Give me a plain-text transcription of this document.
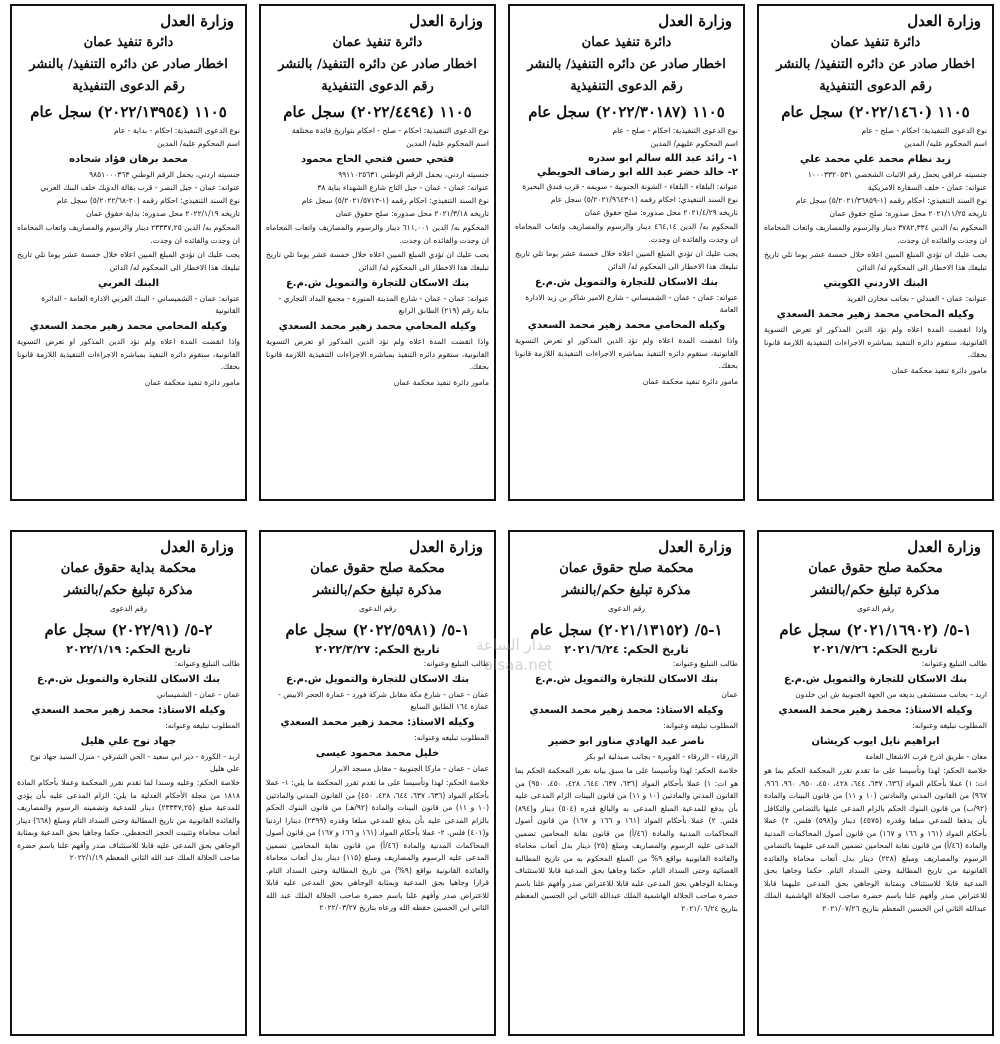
وزارة العدل
دائرة تنفيذ عمان
اخطار صادر عن دائره التنفيذ/ بالنشر
رقم الدعوى التنفيذية
١١٠٥ (٢٠٢٢/١٤٦٠) سجل عام
نوع الدعوى التنفيذية: احكام - صلح - عام
اسم المحكوم عليه/ المدين
زيد نظام محمد علي محمد علي
جنسيته عراقي يحمل رقم الاثبات الشخصي ١٠٠٠٣٣٢٠٥٣١
عنوانه: عمان - خلف السفارة الامريكية
نوع السند التنفيذي: احكام رقمه (١-٥/٢٠٢١/٣٦٨٥٩) سجل عام
تاريخه ٢٠٢١/١١/٢٥ محل صدوره: صلح حقوق عمان
المحكوم به/ الدين ٣٧٨٢,٣٣٤ دينار والرسوم والمصاريف واتعاب المحاماه ان وجدت والفائده ان وجدت.
يجب عليك ان تؤدي المبلغ المبين اعلاه خلال خمسة عشر يوما تلي تاريخ تبليغك هذا الاخطار الى المحكوم له/ الدائن
البنك الاردني الكويتي
عنوانه: عمان - العبدلي - بجانب مخازن الفريد
وكيله المحامي محمد زهير محمد السعدي
واذا انقضت المدة اعلاه ولم تؤد الدين المذكور او تعرض التسوية القانونية، ستقوم دائره التنفيذ بمباشره الاجراءات التنفيذية اللازمة قانونا بحقك.
مامور دائرة تنفيذ محكمة عمان
وزارة العدل
دائرة تنفيذ عمان
اخطار صادر عن دائره التنفيذ/ بالنشر
رقم الدعوى التنفيذية
١١٠٥ (٢٠٢٢/٣٠١٨٧) سجل عام
نوع الدعوى التنفيذية: احكام - صلح - عام
اسم المحكوم عليهم/ المدين
١- رائد عبد الله سالم ابو سدره
٢- خالد خضر عبد الله ابو رضاف الحويطي
عنوانه: البلقاء - البلقاء - الشونة الجنوبية - سويمه - قرب فندق البحيرة
نوع السند التنفيذي: احكام رقمه (١-٥/٢٠٢١/٩٦٤٣) سجل عام
تاريخه ٢٠٢١/٤/٢٩ محل صدوره: صلح حقوق عمان
المحكوم به/ الدين ٤٦٤,١٤ دينار والرسوم والمصاريف واتعاب المحاماه ان وجدت والفائده ان وجدت.
يجب عليك ان تؤدي المبلغ المبين اعلاه خلال خمسة عشر يوما تلي تاريخ تبليغك هذا الاخطار الى المحكوم له/ الدائن
بنك الاسكان للتجارة والتمويل ش.م.ع
عنوانه: عمان - عمان - الشميساني - شارع الامير شاكر بن زيد الادارة العامة
وكيله المحامي محمد زهير محمد السعدي
واذا انقضت المدة اعلاه ولم تؤد الدين المذكور او تعرض التسوية القانونية، ستقوم دائره التنفيذ بمباشره الاجراءات التنفيذية اللازمة قانونا بحقك.
مامور دائرة تنفيذ محكمة عمان
وزارة العدل
دائرة تنفيذ عمان
اخطار صادر عن دائره التنفيذ/ بالنشر
رقم الدعوى التنفيذية
١١٠٥ (٢٠٢٢/٤٤٩٤) سجل عام
نوع الدعوى التنفيذية: احكام - صلح - احكام بتواريخ فائدة مختلفة
اسم المحكوم عليه/ المدين
فتحي حسن فتحي الحاج محمود
جنسيته اردني، يحمل الرقم الوطني ٩٩١١٠٢٥٦٣١
عنوانه: عمان - عمان - جبل التاج شارع الشهداء بناية ٣٨
نوع السند التنفيذي: احكام رقمه (١-٥/٢٠٢١/٥٧١٣) سجل عام
تاريخه ٢٠٢١/٣/١٨ محل صدوره: صلح حقوق عمان
المحكوم به/ الدين ٦١١,٠٠١ دينار والرسوم والمصاريف واتعاب المحاماه ان وجدت والفائده ان وجدت.
يجب عليك ان تؤدي المبلغ المبين اعلاه خلال خمسة عشر يوما تلي تاريخ تبليغك هذا الاخطار الى المحكوم له/ الدائن
بنك الاسكان للتجارة والتمويل ش.م.ع
عنوانه: عمان - عمان - شارع المدينة المنورة - مجمع البداد التجاري - بناية رقم (٢١٩) الطابق الرابع
وكيله المحامي محمد زهير محمد السعدي
واذا انقضت المدة اعلاه ولم تؤد الدين المذكور او تعرض التسوية القانونية، ستقوم دائره التنفيذ بمباشره الاجراءات التنفيذية اللازمة قانونا بحقك.
مامور دائرة تنفيذ محكمة عمان
وزارة العدل
دائرة تنفيذ عمان
اخطار صادر عن دائره التنفيذ/ بالنشر
رقم الدعوى التنفيذية
١١٠٥ (٢٠٢٢/١٣٩٥٤) سجل عام
نوع الدعوى التنفيذية: احكام - بداية - عام
اسم المحكوم عليه/ المدين
محمد برهان فؤاد شحاده
جنسيته اردني، يحمل الرقم الوطني ٩٨٥١٠٠٠٣٦٣
عنوانه: عمان - جبل النصر - قرب بقالة الدويك خلف البنك العربي
نوع السند التنفيذي: احكام رقمه (٢٠-٥/٢٠٢٢/٦٨) سجل عام
تاريخه ٢٠٢٢/١/١٩ محل صدوره: بداية حقوق عمان
المحكوم به/ الدين ٢٣٣٣٧,٢٥ دينار والرسوم والمصاريف واتعاب المحاماه ان وجدت والفائده ان وجدت.
يجب عليك ان تؤدي المبلغ المبين اعلاه خلال خمسة عشر يوما تلي تاريخ تبليغك هذا الاخطار الى المحكوم له/ الدائن
البنك العربي
عنوانه: عمان - الشميساني - البنك العربي الادارة العامة - الدائرة القانونية
وكيله المحامي محمد زهير محمد السعدي
واذا انقضت المدة اعلاه ولم تؤد الدين المذكور او تعرض التسوية القانونية، ستقوم دائره التنفيذ بمباشره الاجراءات التنفيذية اللازمة قانونا بحقك.
مامور دائرة تنفيذ محكمة عمان
وزارة العدل
محكمة صلح حقوق عمان
مذكرة تبليغ حكم/بالنشر
رقم الدعوى
١-٥/ (٢٠٢١/١٦٩٠٢) سجل عام
تاريخ الحكم: ٢٠٢١/٧/٢٦
طالب التبليغ وعنوانه:
بنك الاسكان للتجارة والتمويل ش.م.ع
اربد - بجانب مستشفى بديعه من الجهة الجنوبية ش ابن خلدون
وكيله الاستاذ: محمد زهير محمد السعدي
المطلوب تبليغه وعنوانه:
ابراهيم نايل ايوب كريشان
معان - طريق اذرح قرب الاشغال العامة
خلاصة الحكم: لهذا وتأسيسا على ما تقدم تقرر المحكمة الحكم بما هو ات: ١) عملا بأحكام المواد (٦٣٦، ٦٣٧، ٦٤٤، ٤٢٨، ٤٥٠، ٩٥٠، ٩٦٠، ٩٦٦، ٩٦٧) من القانون المدني والمادتين (١٠ و ١١) من قانون البينات والمادة (٩٢/ب) من قانون البنوك الحكم بالزام المدعى عليها بالتضامن والتكافل بأن يدفعا للمدعي مبلغا وقدره (٤٥٧٥) دينار و(٥٩٨) فلس. ٢) عملا بأحكام المواد (١٦١ و ١٦٦ و ١٦٧) من قانون أصول المحاكمات المدنية والمادة (٤٦/أ) من قانون نقابة المحامين تضمين المدعى عليهما بالتضامن الرسوم والمصاريف ومبلغ (٢٢٨) دينار بدل أتعاب محاماة والفائدة القانونية من تاريخ المطالبة وحتى السداد التام. حكما وجاهيا بحق المدعية قابلا للاستئناف وبمثابة الوجاهي بحق المدعى عليهما قابلا للاعتراض صدر وأفهم علنا باسم حضرة صاحب الجلالة الهاشمية الملك عبدالله الثاني ابن الحسين المعظم بتاريخ ٢٠٢١/٠٧/٢٦
وزارة العدل
محكمة صلح حقوق عمان
مذكرة تبليغ حكم/بالنشر
رقم الدعوى
١-٥/ (٢٠٢١/١٣١٥٢) سجل عام
تاريخ الحكم: ٢٠٢١/٦/٢٤
طالب التبليغ وعنوانه:
بنك الاسكان للتجارة والتمويل ش.م.ع
عمان
وكيله الاستاذ: محمد زهير محمد السعدي
المطلوب تبليغه وعنوانه:
ناصر عبد الهادي مناور ابو خضير
الزرقاء - الزرقاء - القويرة - بجانب صيدلية ابو بكر
خلاصة الحكم: لهذا وتأسيسا على ما سبق بيانه تقرر المحكمة الحكم بما هو ات: ١) عملا بأحكام المواد (٦٣٦، ٦٣٧، ٦٤٤، ٤٢٨، ٤٥٠، ٩٥٠) من القانون المدني والمادتين (١٠ و ١١) من قانون البينات الزام المدعى عليه بأن يدفع للمدعية المبلغ المدعى به والبالغ قدره (٥٠٤) دينار و(٨٩٤) فلس. ٢) عملا بأحكام المواد (١٦١ و ١٦٦ و ١٦٧) من قانون أصول المحاكمات المدنية والمادة (٤٦/أ) من قانون نقابة المحامين تضمين المدعى عليه الرسوم والمصاريف ومبلغ (٢٥) دينار بدل أتعاب محاماة والفائدة القانونية بواقع ٩% من المبلغ المحكوم به من تاريخ المطالبة القضائية وحتى السداد التام. حكما وجاهيا بحق المدعية قابلا للاستئناف وبمثابة الوجاهي بحق المدعى عليه قابلا للاعتراض صدر وأفهم علنا باسم حضرة صاحب الجلالة الهاشمية الملك عبدالله الثاني ابن الحسين المعظم بتاريخ ٢٠٢١/٠٦/٢٤
وزارة العدل
محكمة صلح حقوق عمان
مذكرة تبليغ حكم/بالنشر
رقم الدعوى
١-٥/ (٢٠٢٢/٥٩٨١) سجل عام
تاريخ الحكم: ٢٠٢٢/٣/٢٧
طالب التبليغ وعنوانه:
بنك الاسكان للتجارة والتمويل ش.م.ع
عمان - عمان - شارع مكة مقابل شركة فورد - عمارة الحجر الابيض - عمارة ١٦٤ الطابق السابع
وكيله الاستاذ: محمد زهير محمد السعدي
المطلوب تبليغه وعنوانه:
خليل محمد محمود عيسى
عمان - عمان - ماركا الجنوبية - مقابل مسجد الابرار
خلاصة الحكم: لهذا وتأسيسا على ما تقدم تقرر المحكمة ما يلي: ١- عملا بأحكام المواد (٦٣٦، ٦٣٧، ٦٤٤، ٤٢٨، ٤٥٠) من القانون المدني والمادتين (١٠ و ١١) من قانون البينات والمادة (٩٢/هـ) من قانون البنوك الحكم بالزام المدعى عليه بأن يدفع للمدعي مبلغا وقدره (٢٣٩٩) دينارا اردنيا و(٤٠١) فلس. ٢- عملا بأحكام المواد (١٦١ و ١٦٦ و ١٦٧) من قانون أصول المحاكمات المدنية والمادة (٤٦/أ) من قانون نقابة المحامين تضمين المدعى عليه الرسوم والمصاريف ومبلغ (١١٥) دينار بدل أتعاب محاماة والفائدة القانونية بواقع (٩%) من تاريخ المطالبة وحتى السداد التام. قرارا وجاهيا بحق المدعية وبمثابة الوجاهي بحق المدعى عليه قابلا للاعتراض صدر وأفهم علنا باسم حضرة صاحب الجلالة الملك عبد الله الثاني ابن الحسين حفظه الله ورعاه بتاريخ ٢٠٢٢/٠٣/٢٧
وزارة العدل
محكمة بداية حقوق عمان
مذكرة تبليغ حكم/بالنشر
رقم الدعوى
٢-٥/ (٢٠٢٢/٩١) سجل عام
تاريخ الحكم: ٢٠٢٢/١/١٩
طالب التبليغ وعنوانه:
بنك الاسكان للتجارة والتمويل ش.م.ع
عمان - عمان - الشميساني
وكيله الاستاذ: محمد زهير محمد السعدي
المطلوب تبليغه وعنوانه:
جهاد نوح علي هليل
اربد - الكورة - دير ابي سعيد - الحي الشرقي - منزل السيد جهاد نوح علي هليل
خلاصة الحكم: وعليه وسندا لما تقدم تقرر المحكمة وعملا بأحكام المادة ١٨١٨ من مجلة الأحكام العدلية ما يلي: الزام المدعى عليه بأن يؤدي للمدعية مبلغ (٢٣٣٣٧,٢٥) دينار للمدعية وتضمينه الرسوم والمصاريف والفائدة القانونية من تاريخ المطالبة وحتى السداد التام ومبلغ (٦٦٨) دينار أتعاب محاماة وتثبيت الحجز التحفظي. حكما وجاهيا بحق المدعية وبمثابة الوجاهي بحق المدعى عليه قابلا للاستئناف صدر وأفهم علنا باسم حضرة صاحب الجلالة الملك عبد الله الثاني المعظم ٢٠٢٢/١/١٩
مدار الساعة
alsaa.net
